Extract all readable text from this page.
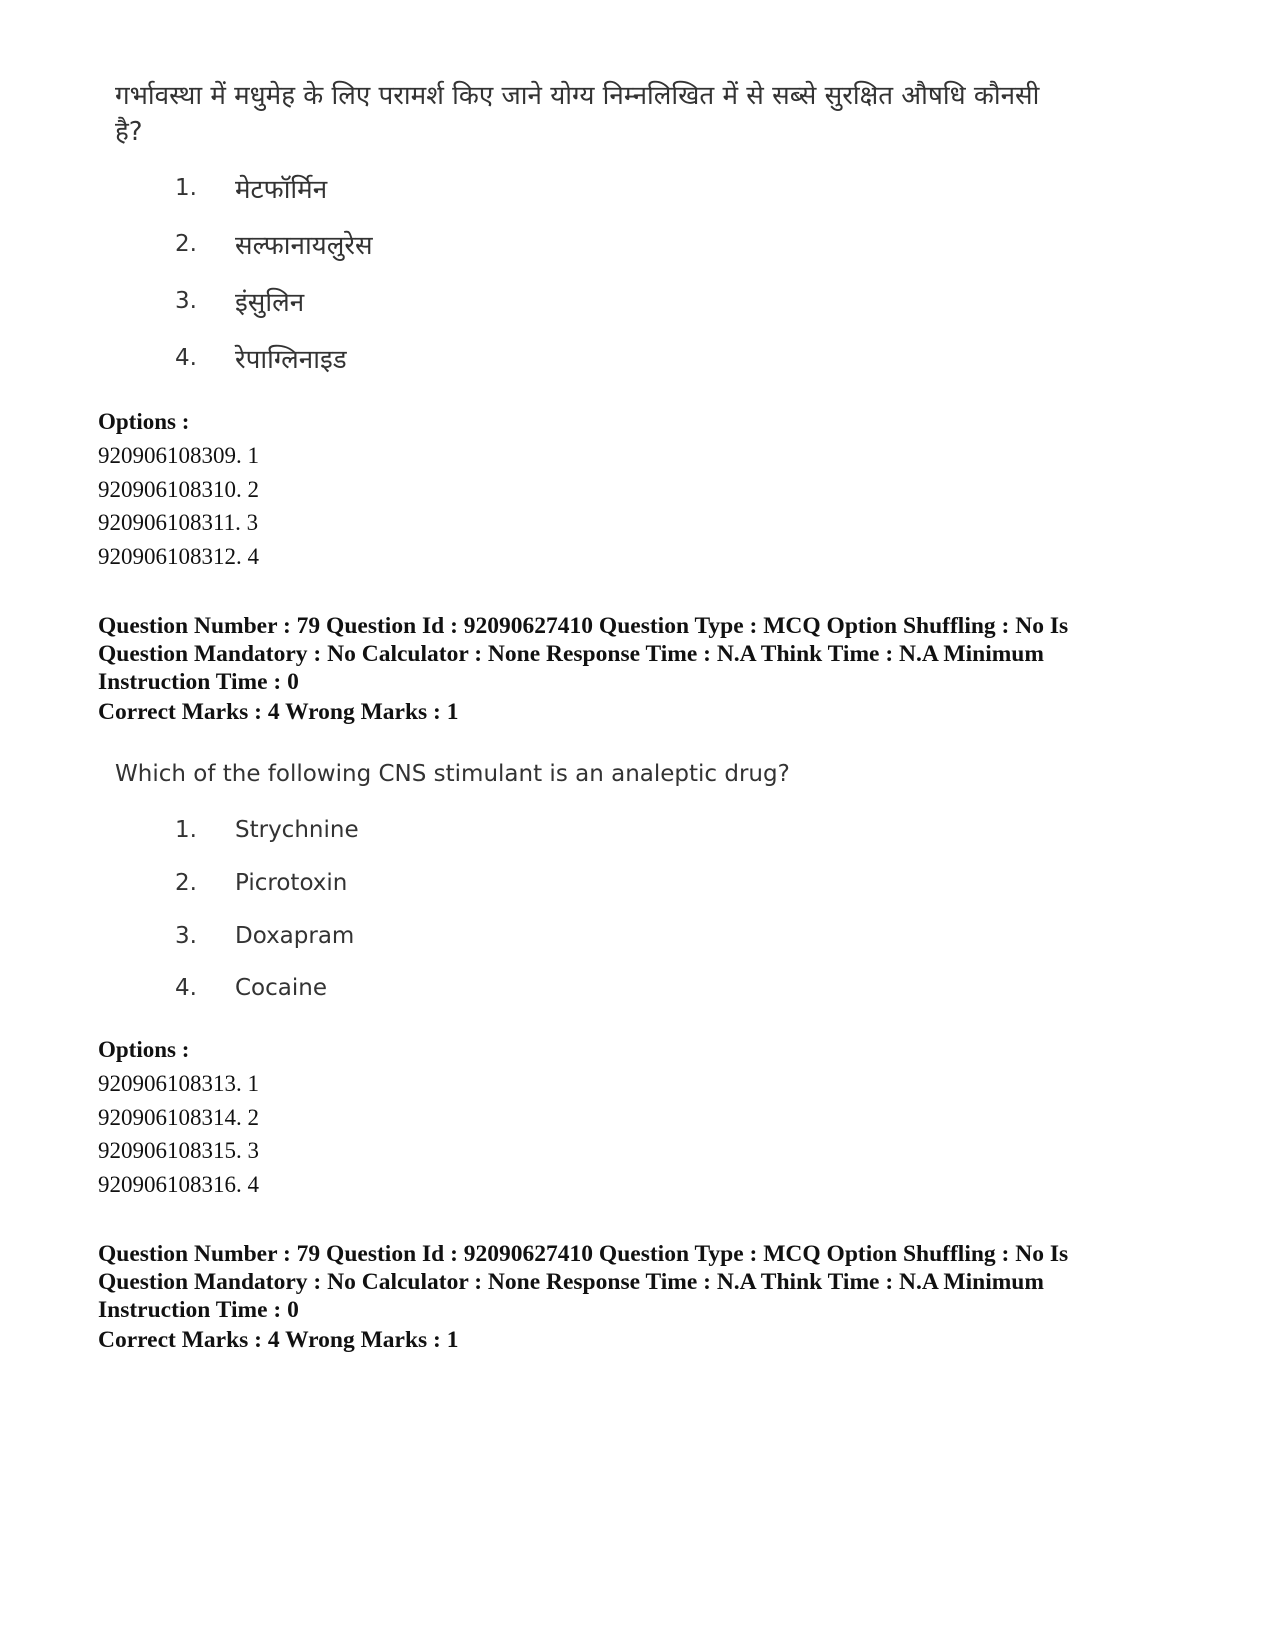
गर्भावस्था में मधुमेह के लिए परामर्श किए जाने योग्य निम्नलिखित में से सब्से सुरक्षित औषधि कौनसी है?
1.	मेटफॉर्मिन
2.	सल्फानायलुरेस
3.	इंसुलिन
4.	रेपाग्लिनाइड
Options :
920906108309. 1
920906108310. 2
920906108311. 3
920906108312. 4
Question Number : 79 Question Id : 92090627410 Question Type : MCQ Option Shuffling : No Is
Question Mandatory : No Calculator : None Response Time : N.A Think Time : N.A Minimum
Instruction Time : 0
Correct Marks : 4 Wrong Marks : 1
Which of the following CNS stimulant is an analeptic drug?
1.	Strychnine
2.	Picrotoxin
3.	Doxapram
4.	Cocaine
Options :
920906108313. 1
920906108314. 2
920906108315. 3
920906108316. 4
Question Number : 79 Question Id : 92090627410 Question Type : MCQ Option Shuffling : No Is
Question Mandatory : No Calculator : None Response Time : N.A Think Time : N.A Minimum
Instruction Time : 0
Correct Marks : 4 Wrong Marks : 1
